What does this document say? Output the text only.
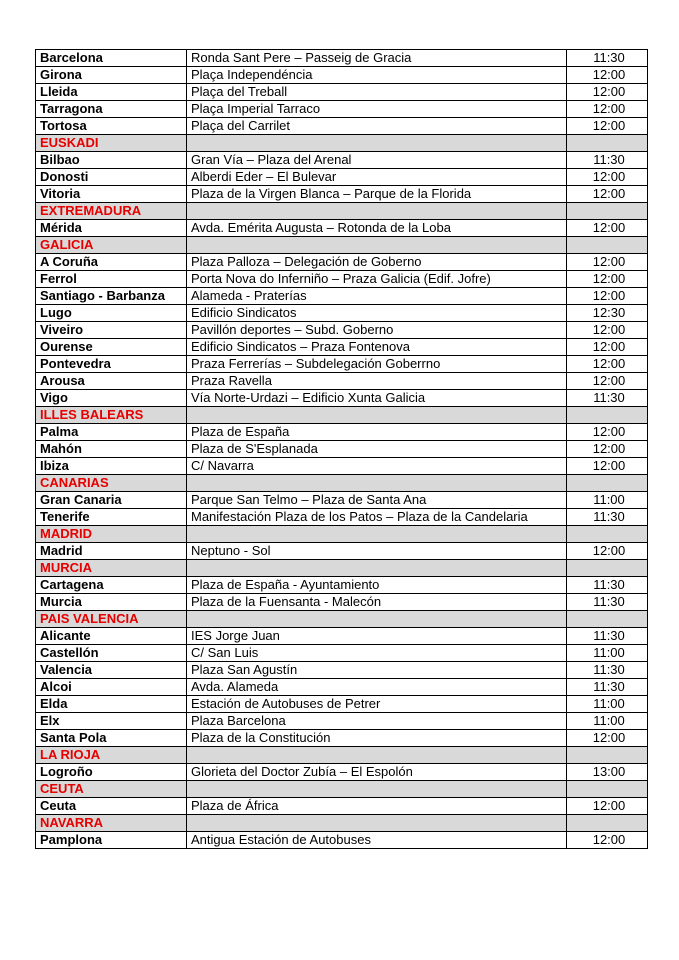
Barcelona	Ronda Sant Pere – Passeig de Gracia	11:30
Girona	Plaça Independéncia	12:00
Lleida	Plaça del Treball	12:00
Tarragona	Plaça Imperial Tarraco	12:00
Tortosa	Plaça del Carrilet	12:00
EUSKADI		
Bilbao	Gran Vía – Plaza del Arenal	11:30
Donosti	Alberdi Eder – El Bulevar	12:00
Vitoria	Plaza de la Virgen Blanca – Parque de la Florida	12:00
EXTREMADURA		
Mérida	Avda. Emérita Augusta – Rotonda de la Loba	12:00
GALICIA		
A Coruña	Plaza Palloza – Delegación de Goberno	12:00
Ferrol	Porta Nova do Inferniño – Praza Galicia (Edif. Jofre)	12:00
Santiago - Barbanza	Alameda - Praterías	12:00
Lugo	Edificio Sindicatos	12:30
Viveiro	Pavillón deportes – Subd. Goberno	12:00
Ourense	Edificio Sindicatos – Praza Fontenova	12:00
Pontevedra	Praza Ferrerías – Subdelegación Goberrno	12:00
Arousa	Praza Ravella	12:00
Vigo	Vía Norte-Urdazi – Edificio Xunta Galicia	11:30
ILLES BALEARS		
Palma	Plaza de España	12:00
Mahón	Plaza de S'Esplanada	12:00
Ibiza	C/ Navarra	12:00
CANARIAS		
Gran Canaria	Parque San Telmo – Plaza de Santa Ana	11:00
Tenerife	Manifestación Plaza de los Patos – Plaza de la Candelaria	11:30
MADRID		
Madrid	Neptuno - Sol	12:00
MURCIA		
Cartagena	Plaza de España - Ayuntamiento	11:30
Murcia	Plaza de la Fuensanta - Malecón	11:30
PAIS VALENCIA		
Alicante	IES Jorge Juan	11:30
Castellón	C/ San Luis	11:00
Valencia	Plaza San Agustín	11:30
Alcoi	Avda. Alameda	11:30
Elda	Estación de Autobuses de Petrer	11:00
Elx	Plaza Barcelona	11:00
Santa Pola	Plaza de la Constitución	12:00
LA RIOJA		
Logroño	Glorieta del Doctor Zubía – El Espolón	13:00
CEUTA		
Ceuta	Plaza de África	12:00
NAVARRA		
Pamplona	Antigua Estación de Autobuses	12:00
